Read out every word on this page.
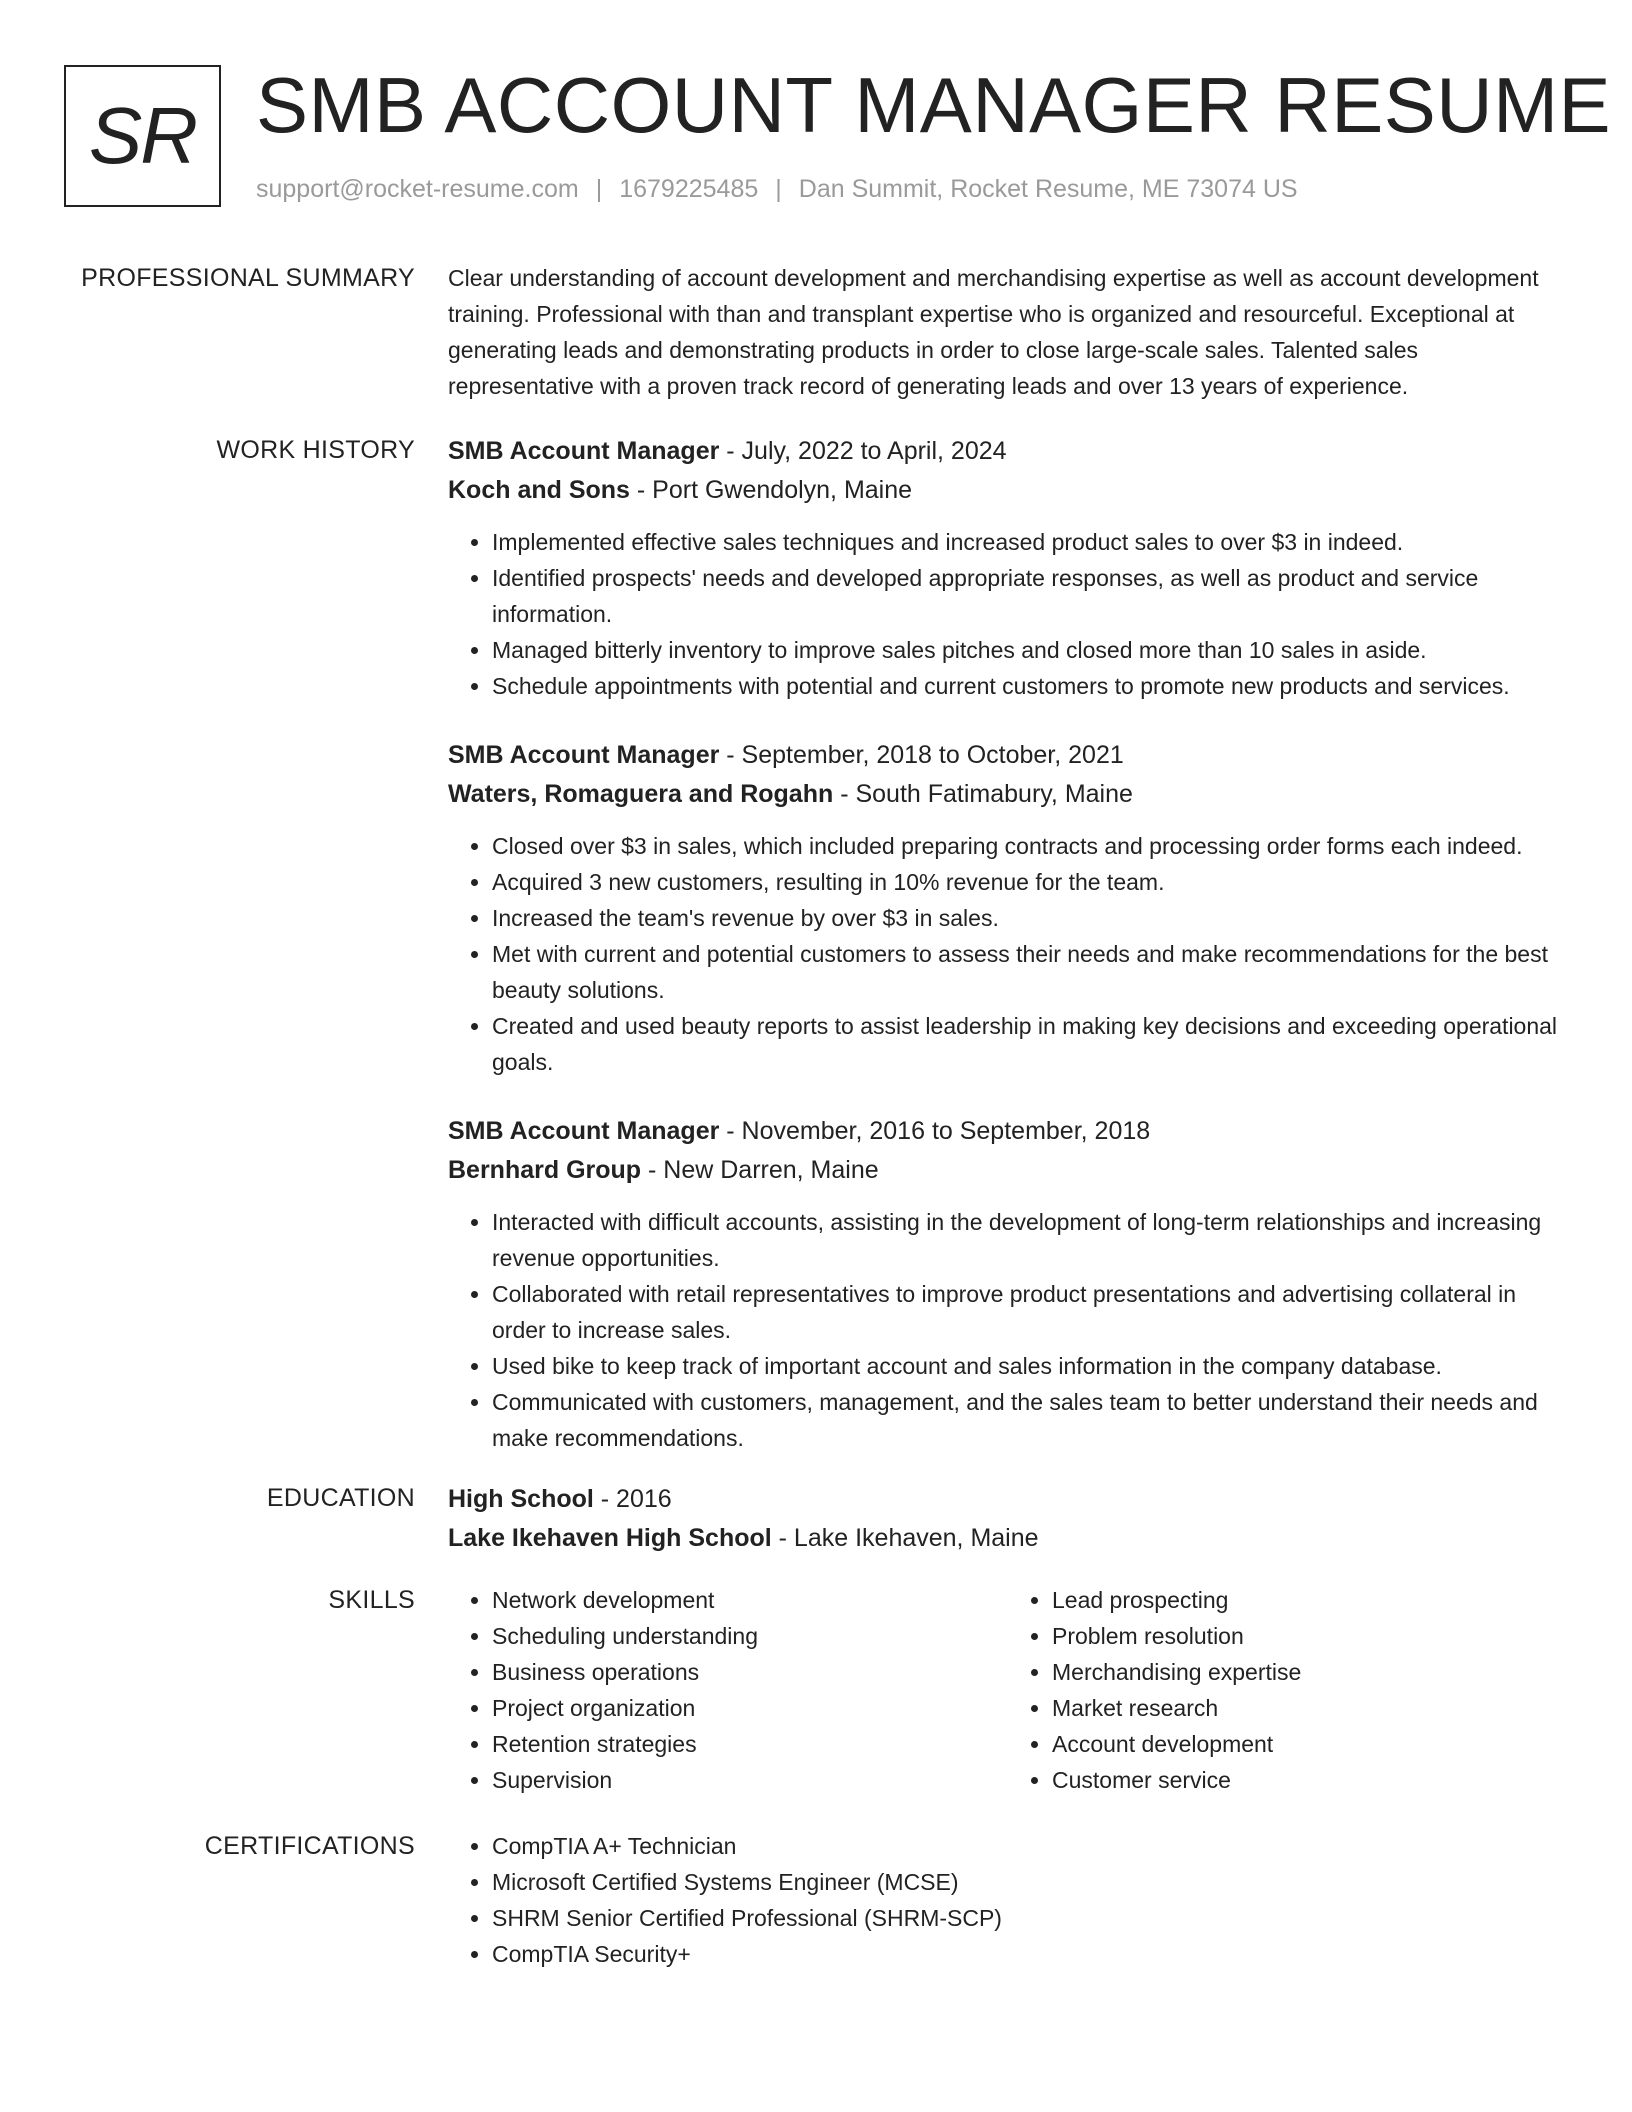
SR SMB ACCOUNT MANAGER RESUME
support@rocket-resume.com | 1679225485 | Dan Summit, Rocket Resume, ME 73074 US
PROFESSIONAL SUMMARY Clear understanding of account development and merchandising expertise as well as account development training. Professional with than and transplant expertise who is organized and resourceful. Exceptional at generating leads and demonstrating products in order to close large-scale sales. Talented sales representative with a proven track record of generating leads and over 13 years of experience.

WORK HISTORY SMB Account Manager - July, 2022 to April, 2024
Koch and Sons - Port Gwendolyn, Maine
• Implemented effective sales techniques and increased product sales to over $3 in indeed.
• Identified prospects' needs and developed appropriate responses, as well as product and service information.
• Managed bitterly inventory to improve sales pitches and closed more than 10 sales in aside.
• Schedule appointments with potential and current customers to promote new products and services.
SMB Account Manager - September, 2018 to October, 2021
Waters, Romaguera and Rogahn - South Fatimabury, Maine
• Closed over $3 in sales, which included preparing contracts and processing order forms each indeed.
• Acquired 3 new customers, resulting in 10% revenue for the team.
• Increased the team's revenue by over $3 in sales.
• Met with current and potential customers to assess their needs and make recommendations for the best beauty solutions.
• Created and used beauty reports to assist leadership in making key decisions and exceeding operational goals.
SMB Account Manager - November, 2016 to September, 2018
Bernhard Group - New Darren, Maine
• Interacted with difficult accounts, assisting in the development of long-term relationships and increasing revenue opportunities.
• Collaborated with retail representatives to improve product presentations and advertising collateral in order to increase sales.
• Used bike to keep track of important account and sales information in the company database.
• Communicated with customers, management, and the sales team to better understand their needs and make recommendations.
EDUCATION High School - 2016
Lake Ikehaven High School - Lake Ikehaven, Maine
SKILLS	• Network development
• Scheduling understanding
• Business operations
• Project organization
• Retention strategies
• Supervision
• Lead prospecting
• Problem resolution
• Merchandising expertise
• Market research
• Account development
• Customer service
CERTIFICATIONS	• CompTIA A+ Technician
• Microsoft Certified Systems Engineer (MCSE)
• SHRM Senior Certified Professional (SHRM-SCP)
• CompTIA Security+
